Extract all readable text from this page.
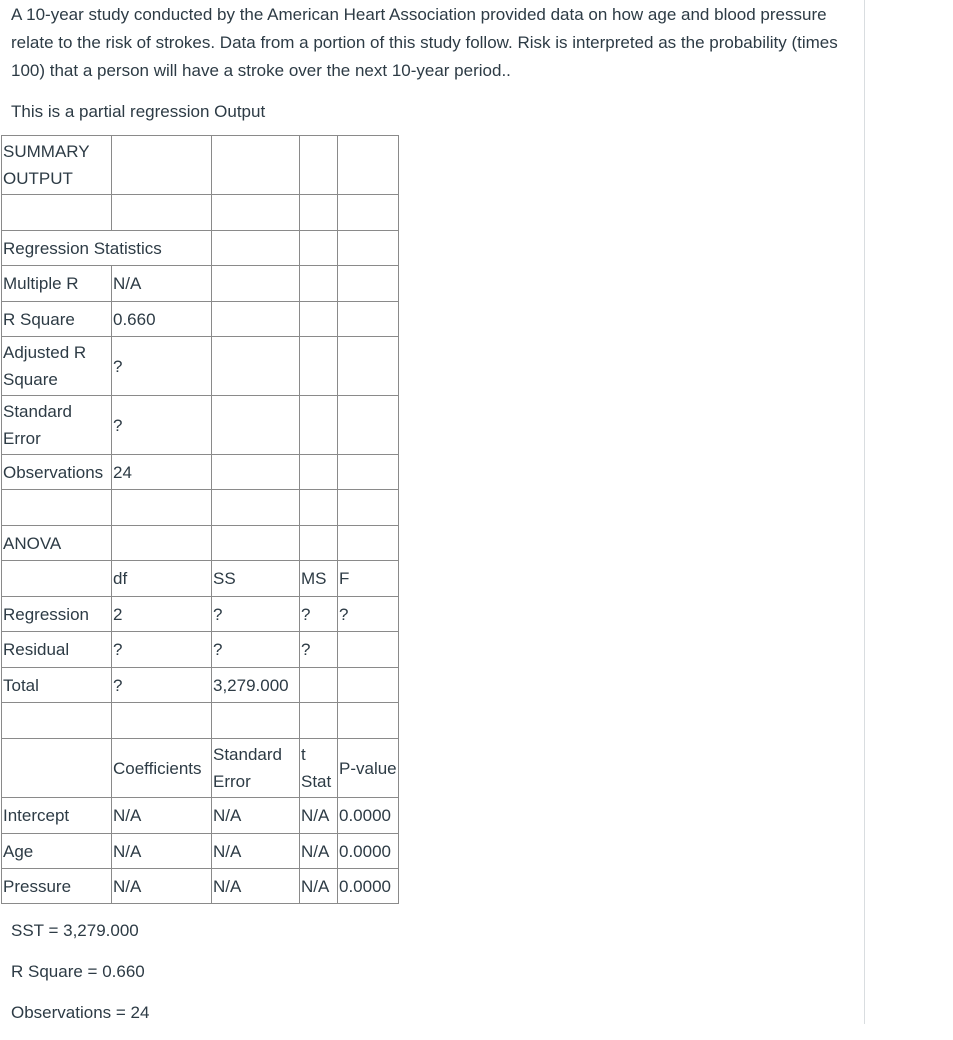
A 10-year study conducted by the American Heart Association provided data on how age and blood pressure relate to the risk of strokes. Data from a portion of this study follow. Risk is interpreted as the probability (times 100) that a person will have a stroke over the next 10-year period..

This is a partial regression Output

SUMMARY OUTPUT				

Regression Statistics				
Multiple R	N/A			
R Square	0.660			
Adjusted R Square	?			
Standard Error	?			
Observations	24			

ANOVA				
	df	SS	MS	F
Regression	2	?	?	?
Residual	?	?	?	
Total	?	3,279.000		

	Coefficients	Standard Error	t Stat	P-value
Intercept	N/A	N/A	N/A	0.0000
Age	N/A	N/A	N/A	0.0000
Pressure	N/A	N/A	N/A	0.0000

SST = 3,279.000

R Square = 0.660

Observations = 24
